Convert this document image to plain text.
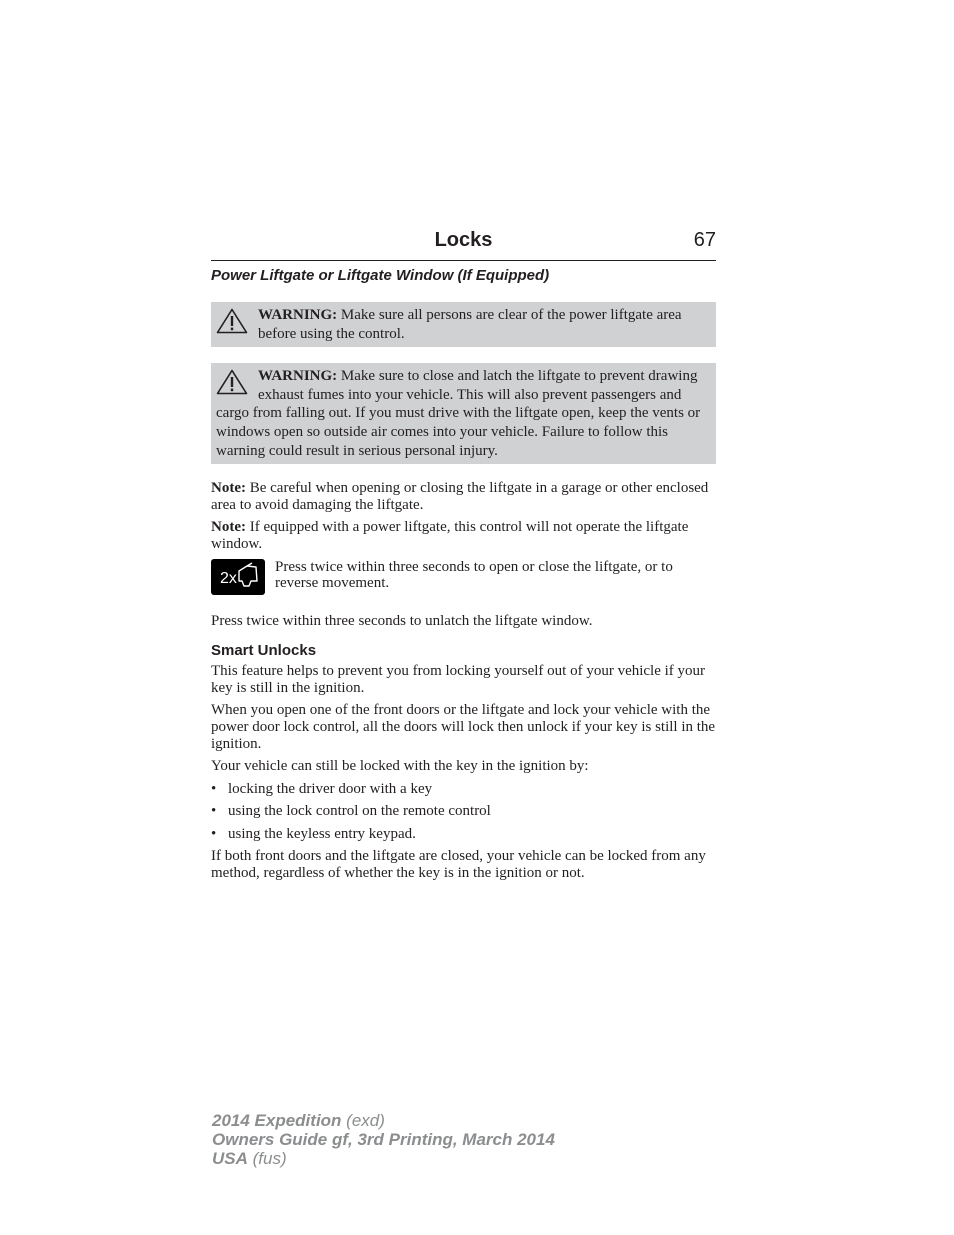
Locks	67
Power Liftgate or Liftgate Window (If Equipped)
WARNING: Make sure all persons are clear of the power liftgate area before using the control.
WARNING: Make sure to close and latch the liftgate to prevent drawing exhaust fumes into your vehicle. This will also prevent passengers and cargo from falling out. If you must drive with the liftgate open, keep the vents or windows open so outside air comes into your vehicle. Failure to follow this warning could result in serious personal injury.

Note: Be careful when opening or closing the liftgate in a garage or other enclosed area to avoid damaging the liftgate.

Note: If equipped with a power liftgate, this control will not operate the liftgate window.

2x

Press twice within three seconds to open or close the liftgate, or to reverse movement.

Press twice within three seconds to unlatch the liftgate window.

Smart Unlocks

This feature helps to prevent you from locking yourself out of your vehicle if your key is still in the ignition.

When you open one of the front doors or the liftgate and lock your vehicle with the power door lock control, all the doors will lock then unlock if your key is still in the ignition.

Your vehicle can still be locked with the key in the ignition by:

• locking the driver door with a key
• using the lock control on the remote control
• using the keyless entry keypad.

If both front doors and the liftgate are closed, your vehicle can be locked from any method, regardless of whether the key is in the ignition or not.

2014 Expedition (exd)
Owners Guide gf, 3rd Printing, March 2014
USA (fus)
